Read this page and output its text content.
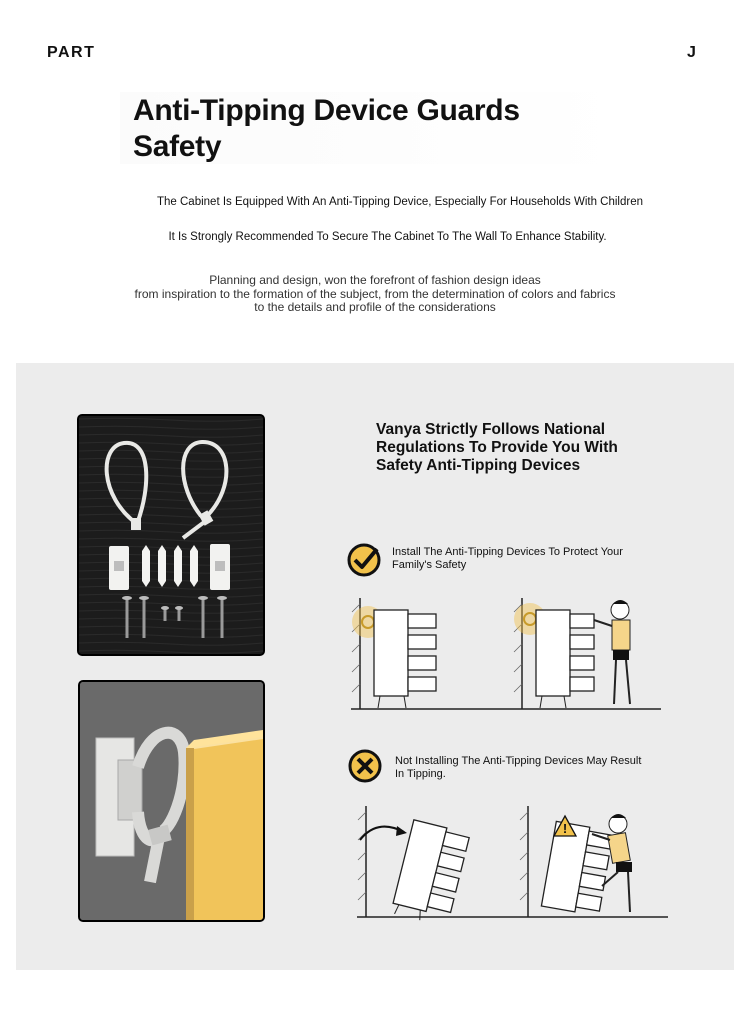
PART	J
Anti-Tipping Device Guards
Safety
The Cabinet Is Equipped With An Anti-Tipping Device, Especially For Households With Children
It Is Strongly Recommended To Secure The Cabinet To The Wall To Enhance Stability.
Planning and design, won the forefront of fashion design ideas
from inspiration to the formation of the subject, from the determination of colors and fabrics
to the details and profile of the considerations
Vanya Strictly Follows National Regulations To Provide You With Safety Anti-Tipping Devices
Install The Anti-Tipping Devices To Protect Your Family's Safety
Not Installing The Anti-Tipping Devices May Result In Tipping.
!
